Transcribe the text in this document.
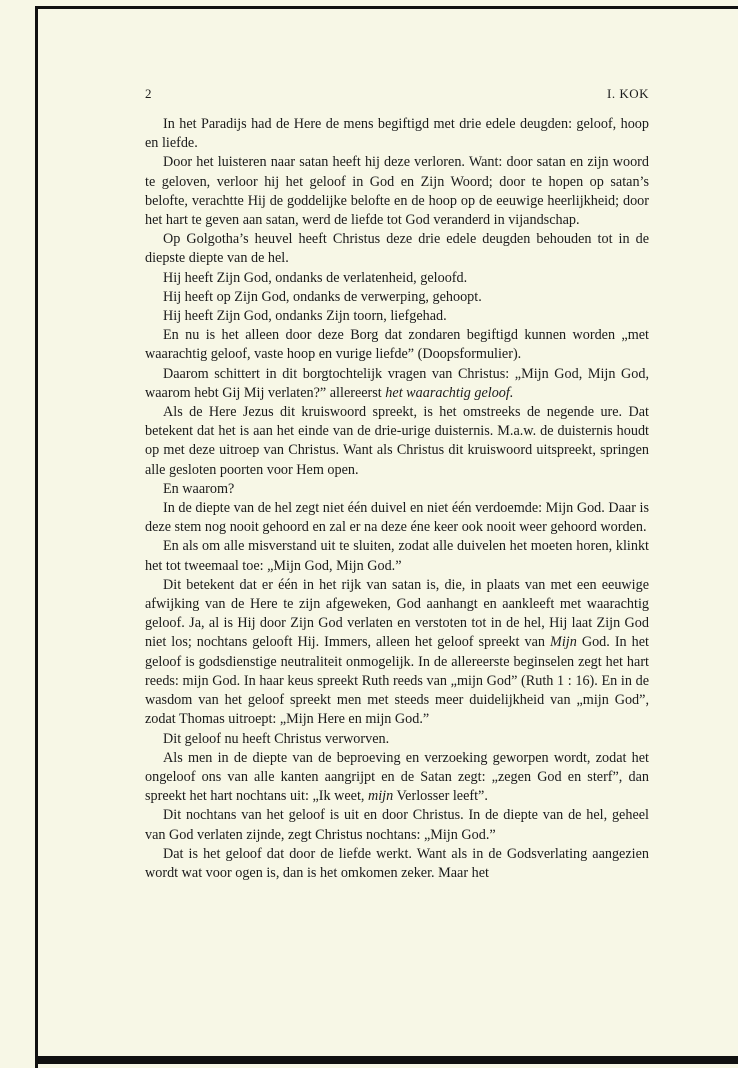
2	I. KOK

In het Paradijs had de Here de mens begiftigd met drie edele deugden: geloof, hoop en liefde.

Door het luisteren naar satan heeft hij deze verloren. Want: door satan en zijn woord te geloven, verloor hij het geloof in God en Zijn Woord; door te hopen op satan’s belofte, verachtte Hij de goddelijke belofte en de hoop op de eeuwige heerlijkheid; door het hart te geven aan satan, werd de liefde tot God veranderd in vijandschap.

Op Golgotha’s heuvel heeft Christus deze drie edele deugden behouden tot in de diepste diepte van de hel.

Hij heeft Zijn God, ondanks de verlatenheid, geloofd.

Hij heeft op Zijn God, ondanks de verwerping, gehoopt.

Hij heeft Zijn God, ondanks Zijn toorn, liefgehad.

En nu is het alleen door deze Borg dat zondaren begiftigd kunnen worden „met waarachtig geloof, vaste hoop en vurige liefde” (Doopsformulier).

Daarom schittert in dit borgtochtelijk vragen van Christus: „Mijn God, Mijn God, waarom hebt Gij Mij verlaten?” allereerst het waarachtig geloof.

Als de Here Jezus dit kruiswoord spreekt, is het omstreeks de negende ure. Dat betekent dat het is aan het einde van de drie-urige duisternis. M.a.w. de duisternis houdt op met deze uitroep van Christus. Want als Christus dit kruiswoord uitspreekt, springen alle gesloten poorten voor Hem open.

En waarom?

In de diepte van de hel zegt niet één duivel en niet één verdoemde: Mijn God. Daar is deze stem nog nooit gehoord en zal er na deze éne keer ook nooit weer gehoord worden.

En als om alle misverstand uit te sluiten, zodat alle duivelen het moeten horen, klinkt het tot tweemaal toe: „Mijn God, Mijn God.”

Dit betekent dat er één in het rijk van satan is, die, in plaats van met een eeuwige afwijking van de Here te zijn afgeweken, God aanhangt en aankleeft met waarachtig geloof. Ja, al is Hij door Zijn God verlaten en verstoten tot in de hel, Hij laat Zijn God niet los; nochtans gelooft Hij. Immers, alleen het geloof spreekt van Mijn God. In het geloof is godsdienstige neutraliteit onmogelijk. In de allereerste beginselen zegt het hart reeds: mijn God. In haar keus spreekt Ruth reeds van „mijn God” (Ruth 1 : 16). En in de wasdom van het geloof spreekt men met steeds meer duidelijkheid van „mijn God”, zodat Thomas uitroept: „Mijn Here en mijn God.”

Dit geloof nu heeft Christus verworven.

Als men in de diepte van de beproeving en verzoeking geworpen wordt, zodat het ongeloof ons van alle kanten aangrijpt en de Satan zegt: „zegen God en sterf”, dan spreekt het hart nochtans uit: „Ik weet, mijn Verlosser leeft”.

Dit nochtans van het geloof is uit en door Christus. In de diepte van de hel, geheel van God verlaten zijnde, zegt Christus nochtans: „Mijn God.”

Dat is het geloof dat door de liefde werkt. Want als in de Godsverlating aangezien wordt wat voor ogen is, dan is het omkomen zeker. Maar het
